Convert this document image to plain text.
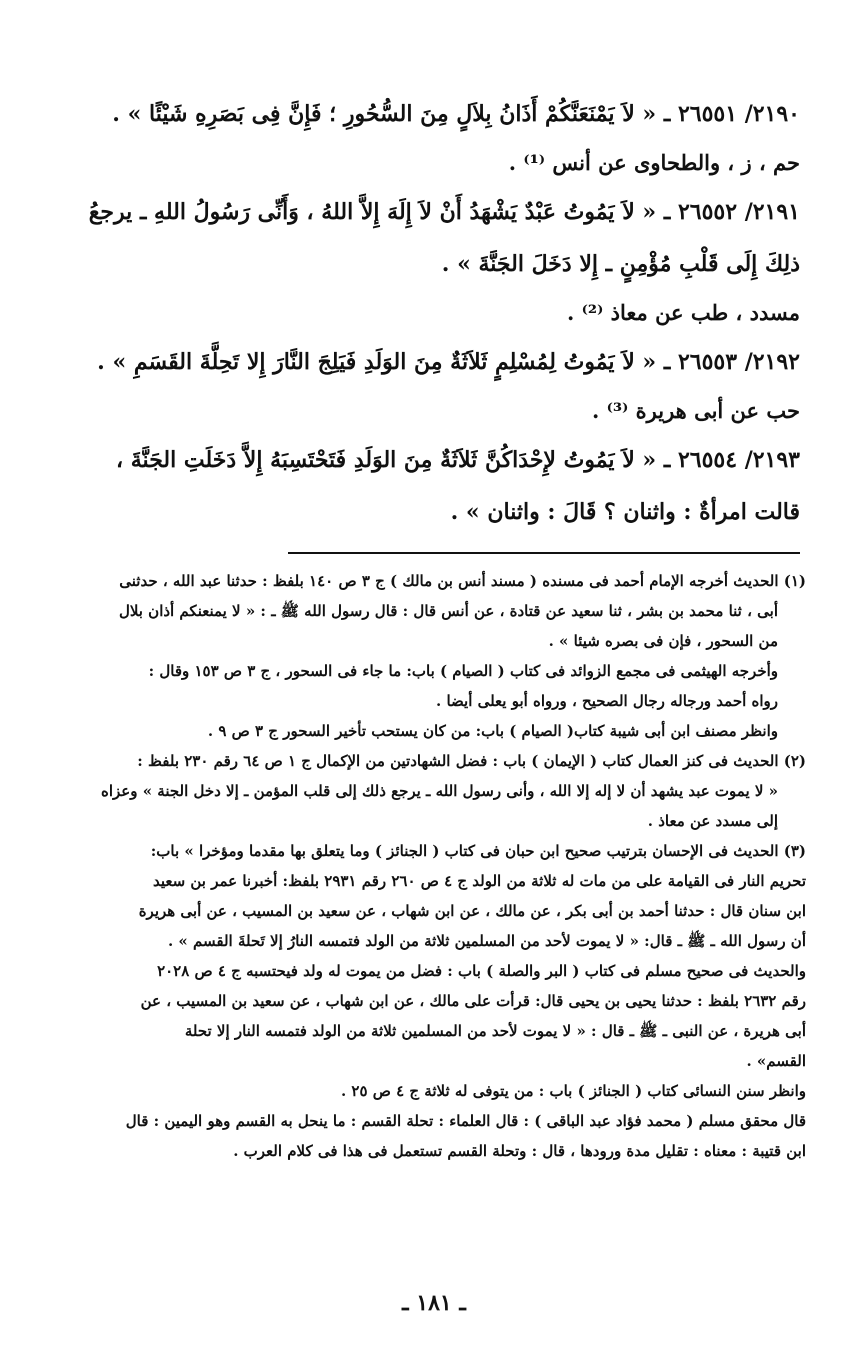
٢١٩٠/ ٢٦٥٥١ ـ « لاَ يَمْنَعَنَّكُمْ أَذَانُ بِلاَلٍ مِنَ السُّحُورِ ؛ فَإِنَّ فِى بَصَرِهِ شَيْئًا » .
حم ، ز ، والطحاوى عن أنس ⁽¹⁾ .
٢١٩١/ ٢٦٥٥٢ ـ « لاَ يَمُوتُ عَبْدٌ يَشْهَدُ أَنْ لاَ إِلَهَ إِلاَّ اللهُ ، وَأَنِّى رَسُولُ اللهِ ـ يرجعُ
ذلِكَ إِلَى قَلْبِ مُؤْمِنٍ ـ إِلا دَخَلَ الجَنَّةَ » .
مسدد ، طب عن معاذ ⁽²⁾ .
٢١٩٢/ ٢٦٥٥٣ ـ « لاَ يَمُوتُ لِمُسْلِمٍ ثَلاَثَةٌ مِنَ الوَلَدِ فَيَلِجَ النَّارَ إِلا تَحِلَّةَ القَسَمِ » .
حب عن أبى هريرة ⁽³⁾ .
٢١٩٣/ ٢٦٥٥٤ ـ « لاَ يَمُوتُ لإِحْدَاكُنَّ ثَلاَثَةٌ مِنَ الوَلَدِ فَتَحْتَسِبَهُ إِلاَّ دَخَلَتِ الجَنَّةَ ،
قالت امرأةٌ : واثنان ؟ قَالَ : واثنان » .
(١) الحديث أخرجه الإمام أحمد فى مسنده ( مسند أنس بن مالك ) ج ٣ ص ١٤٠ بلفظ : حدثنا عبد الله ، حدثنى
أبى ، ثنا محمد بن بشر ، ثنا سعيد عن قتادة ، عن أنس قال : قال رسول الله ﷺ ـ : « لا يمنعنكم أذان بلال
من السحور ، فإن فى بصره شيئا » .
وأخرجه الهيثمى فى مجمع الزوائد فى كتاب ( الصيام ) باب: ما جاء فى السحور ، ج ٣ ص ١٥٣ وقال :
رواه أحمد ورجاله رجال الصحيح ، ورواه أبو يعلى أيضا .
وانظر مصنف ابن أبى شيبة كتاب( الصيام ) باب: من كان يستحب تأخير السحور ج ٣ ص ٩ .
(٢) الحديث فى كنز العمال كتاب ( الإيمان ) باب : فضل الشهادتين من الإكمال ج ١ ص ٦٤ رقم ٢٣٠ بلفظ :
« لا يموت عبد يشهد أن لا إله إلا الله ، وأنى رسول الله ـ يرجع ذلك إلى قلب المؤمن ـ إلا دخل الجنة » وعزاه
إلى مسدد عن معاذ .
(٣) الحديث فى الإحسان بترتيب صحيح ابن حبان فى كتاب ( الجنائز ) وما يتعلق بها مقدما ومؤخرا » باب:
تحريم النار فى القيامة على من مات له ثلاثة من الولد ج ٤ ص ٢٦٠ رقم ٢٩٣١ بلفظ: أخبرنا عمر بن سعيد
ابن سنان قال : حدثنا أحمد بن أبى بكر ، عن مالك ، عن ابن شهاب ، عن سعيد بن المسيب ، عن أبى هريرة
أن رسول الله ـ ﷺ ـ قال: « لا يموت لأحد من المسلمين ثلاثة من الولد فتمسه النارُ إلا تَحلةَ القسم » .
والحديث فى صحيح مسلم فى كتاب ( البر والصلة ) باب : فضل من يموت له ولد فيحتسبه ج ٤ ص ٢٠٢٨
رقم ٢٦٣٢ بلفظ : حدثنا يحيى بن يحيى قال: قرأت على مالك ، عن ابن شهاب ، عن سعيد بن المسيب ، عن
أبى هريرة ، عن النبى ـ ﷺ ـ قال : « لا يموت لأحد من المسلمين ثلاثة من الولد فتمسه النار إلا تحلة
القسم» .
وانظر سنن النسائى كتاب ( الجنائز ) باب : من يتوفى له ثلاثة ج ٤ ص ٢٥ .
قال محقق مسلم ( محمد فؤاد عبد الباقى ) : قال العلماء : تحلة القسم : ما ينحل به القسم وهو اليمين : قال
ابن قتيبة : معناه : تقليل مدة ورودها ، قال : وتحلة القسم تستعمل فى هذا فى كلام العرب .
ـ ١٨١ ـ
